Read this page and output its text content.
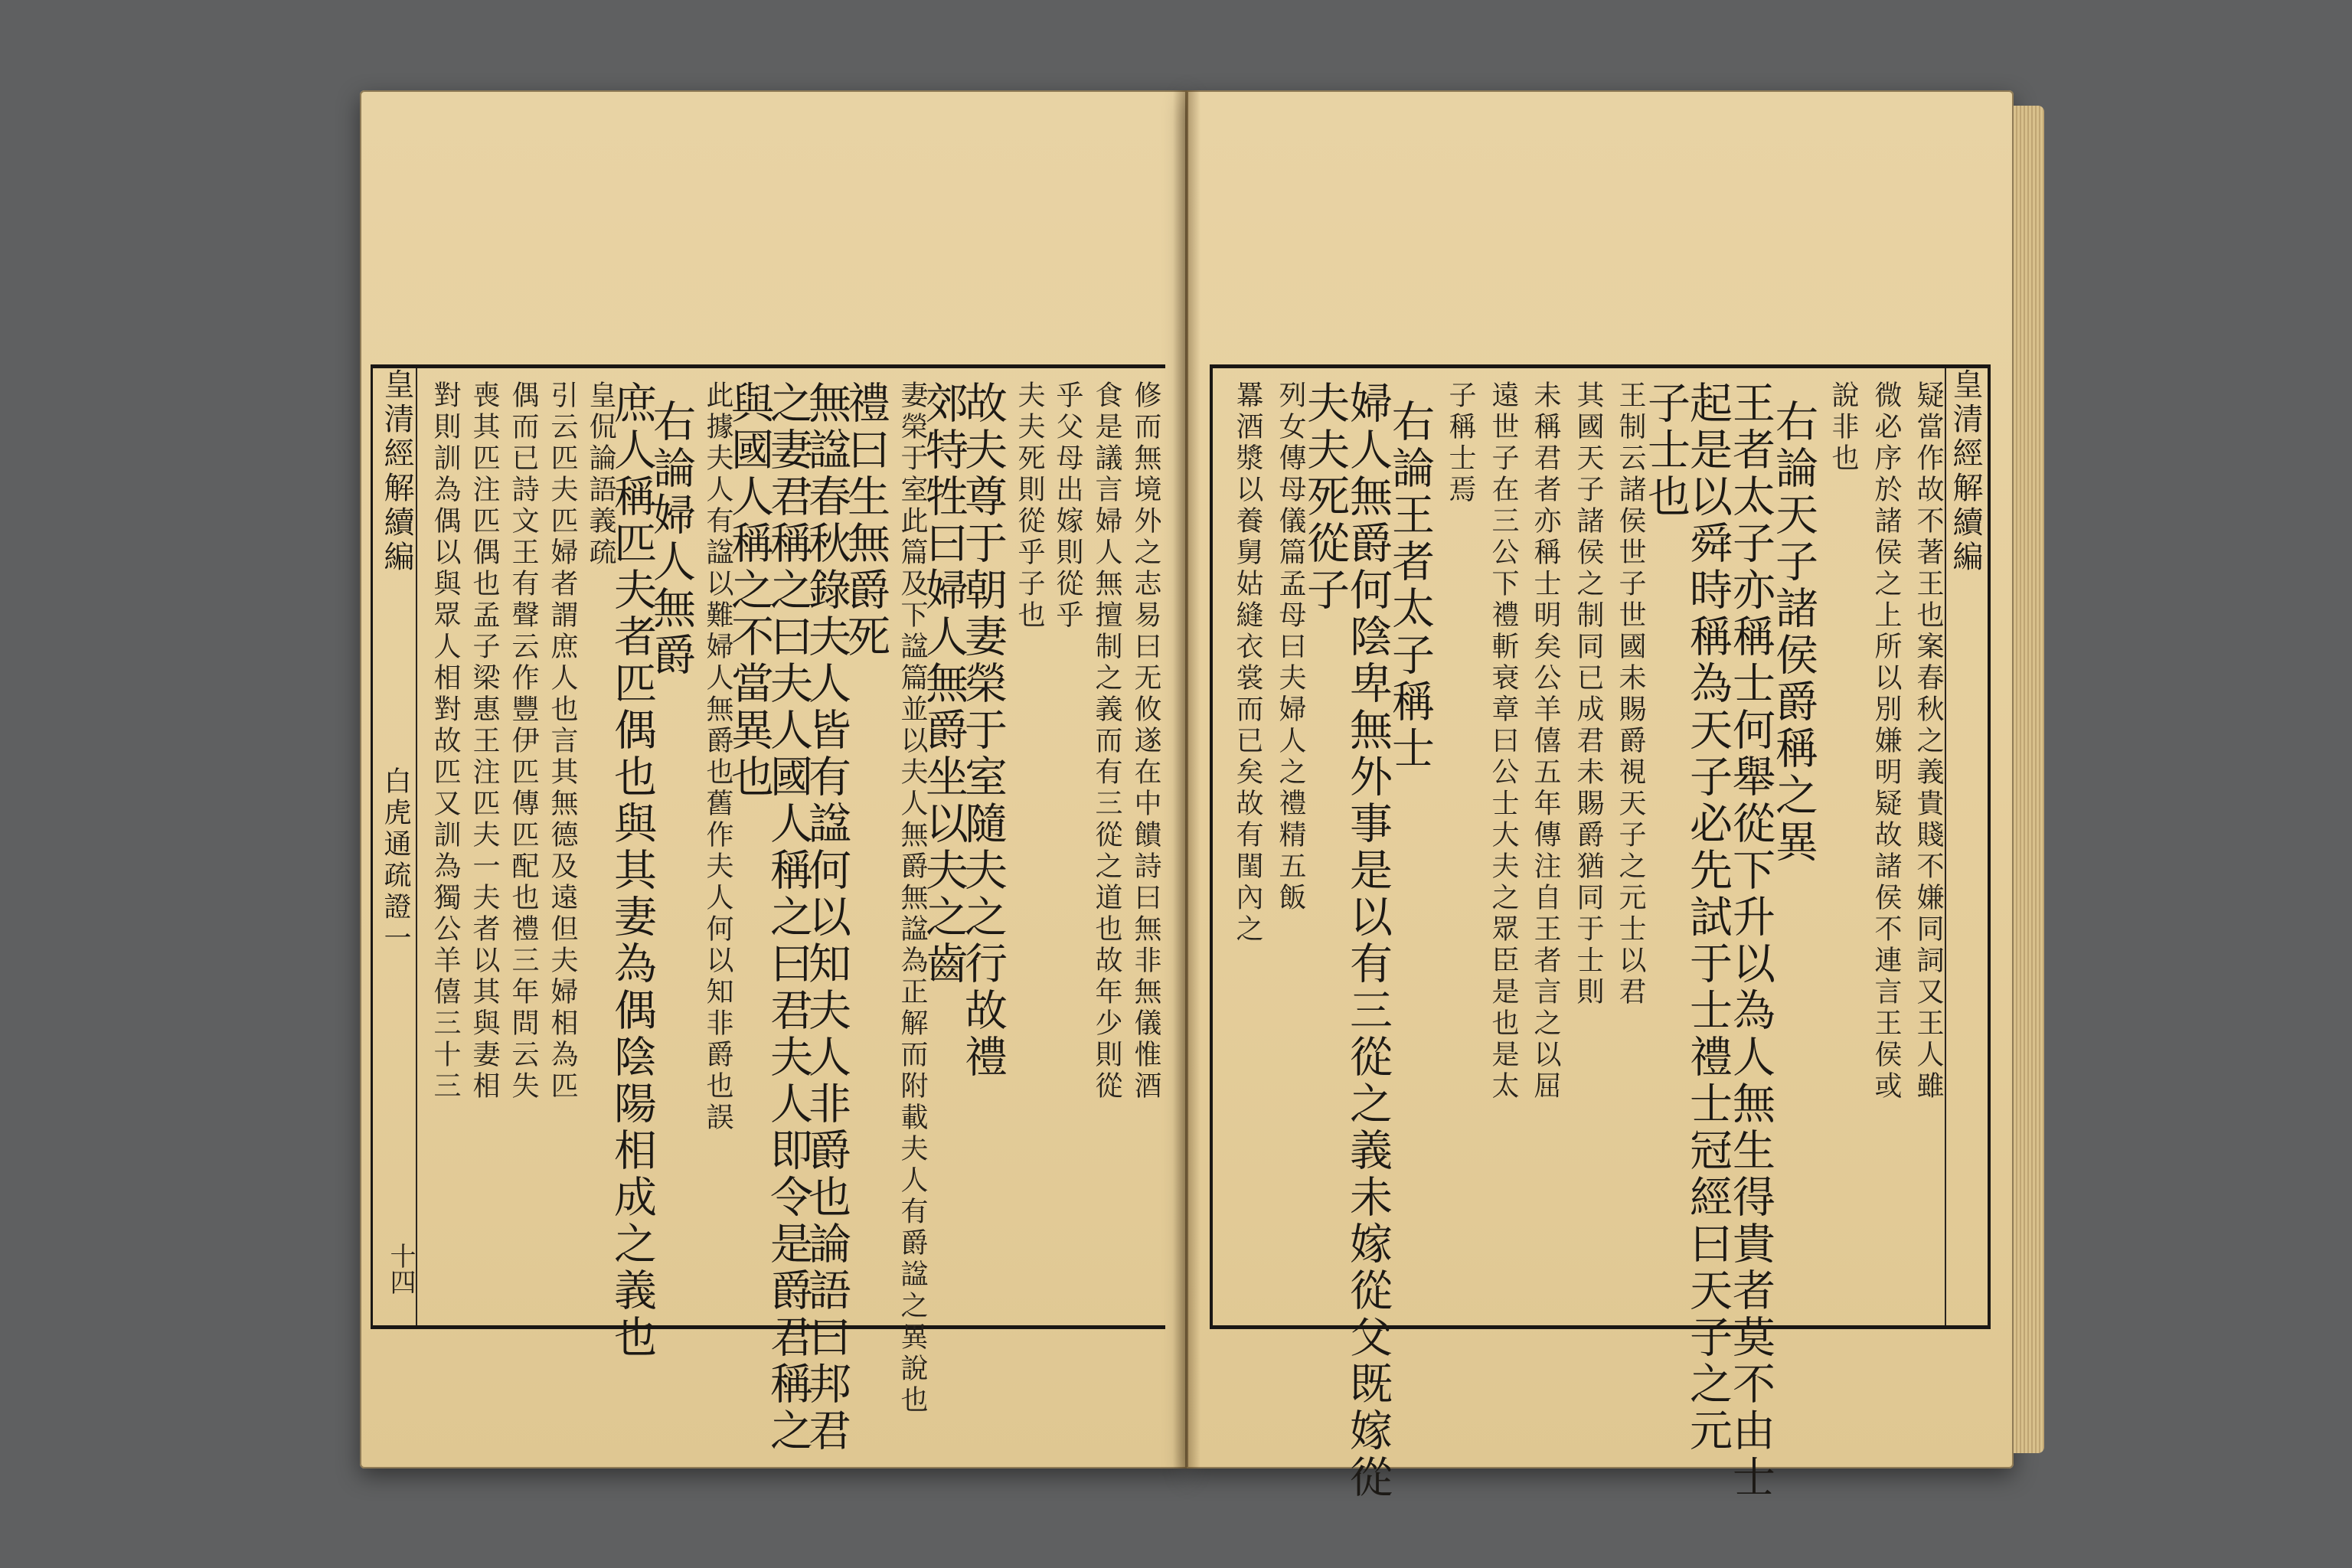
皇清經解續編
白虎通疏證一
十四
修而無境外之志易曰无攸遂在中饋詩曰無非無儀惟酒
食是議言婦人無擅制之義而有三從之道也故年少則從
乎父母出嫁則從乎
夫夫死則從乎子也
故夫尊于朝妻榮于室隨夫之行故禮
郊特牲曰婦人無爵坐以夫之齒
妻榮于室此篇及下諡篇並以夫人無爵無諡為正解而附載夫人有爵諡之異說也
禮曰生無爵死
無諡春秋錄夫人皆有諡何以知夫人非爵也論語曰邦君
之妻君稱之曰夫人國人稱之曰君夫人即令是爵君稱之
與國人稱之不當異也
此據夫人有諡以難婦人無爵也舊作夫人何以知非爵也誤
右論婦人無爵
庶人稱匹夫者匹偶也與其妻為偶陰陽相成之義也
皇侃論語義疏
引云匹夫匹婦者謂庶人也言其無德及遠但夫婦相為匹
偶而已詩文王有聲云作豐伊匹傳匹配也禮三年問云失
喪其匹注匹偶也孟子梁惠王注匹夫一夫者以其與妻相
對則訓為偶以與眾人相對故匹又訓為獨公羊僖三十三	皇清經解續編
疑當作故不著王也案春秋之義貴賤不嫌同詞又王人雖
微必序於諸侯之上所以別嫌明疑故諸侯不連言王侯或
說非也
右論天子諸侯爵稱之異
王者太子亦稱士何舉從下升以為人無生得貴者莫不由士
起是以舜時稱為天子必先試于士禮士冠經曰天子之元
子士也
王制云諸侯世子世國未賜爵視天子之元士以君
其國天子諸侯之制同已成君未賜爵猶同于士則
未稱君者亦稱士明矣公羊僖五年傳注自王者言之以屈
遠世子在三公下禮斬衰章曰公士大夫之眾臣是也是太
子稱士焉
右論王者太子稱士
婦人無爵何陰卑無外事是以有三從之義未嫁從父既嫁從
夫夫死從子
列女傳母儀篇孟母曰夫婦人之禮精五飯
羃酒漿以養舅姑縫衣裳而已矣故有閨內之
